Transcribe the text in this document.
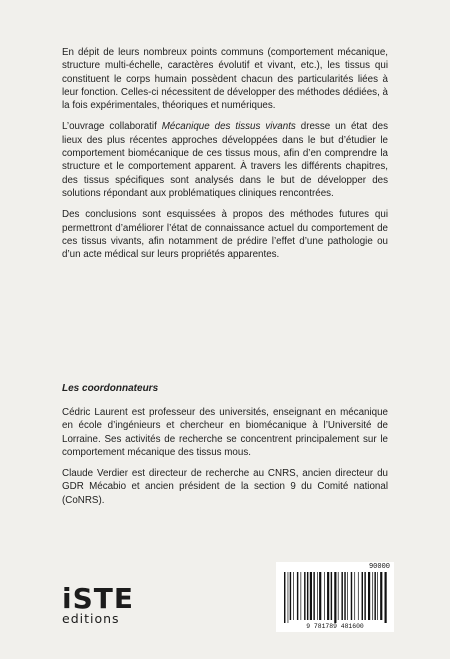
En dépit de leurs nombreux points communs (comportement mécanique, structure multi-échelle, caractères évolutif et vivant, etc.), les tissus qui constituent le corps humain possèdent chacun des particularités liées à leur fonction. Celles-ci nécessitent de développer des méthodes dédiées, à la fois expérimentales, théoriques et numériques.

L’ouvrage collaboratif Mécanique des tissus vivants dresse un état des lieux des plus récentes approches développées dans le but d’étudier le comportement biomécanique de ces tissus mous, afin d’en comprendre la structure et le comportement apparent. À travers les différents chapitres, des tissus spécifiques sont analysés dans le but de développer des solutions répondant aux problématiques cliniques rencontrées.

Des conclusions sont esquissées à propos des méthodes futures qui permettront d’améliorer l’état de connaissance actuel du comportement de ces tissus vivants, afin notamment de prédire l’effet d’une pathologie ou d’un acte médical sur leurs propriétés apparentes.

Les coordonnateurs

Cédric Laurent est professeur des universités, enseignant en mécanique en école d’ingénieurs et chercheur en biomécanique à l’Université de Lorraine. Ses activités de recherche se concentrent principalement sur le comportement mécanique des tissus mous.

Claude Verdier est directeur de recherche au CNRS, ancien directeur du GDR Mécabio et ancien président de la section 9 du Comité national (CoNRS).

iSTE
editions
90000
9 781789 481600
